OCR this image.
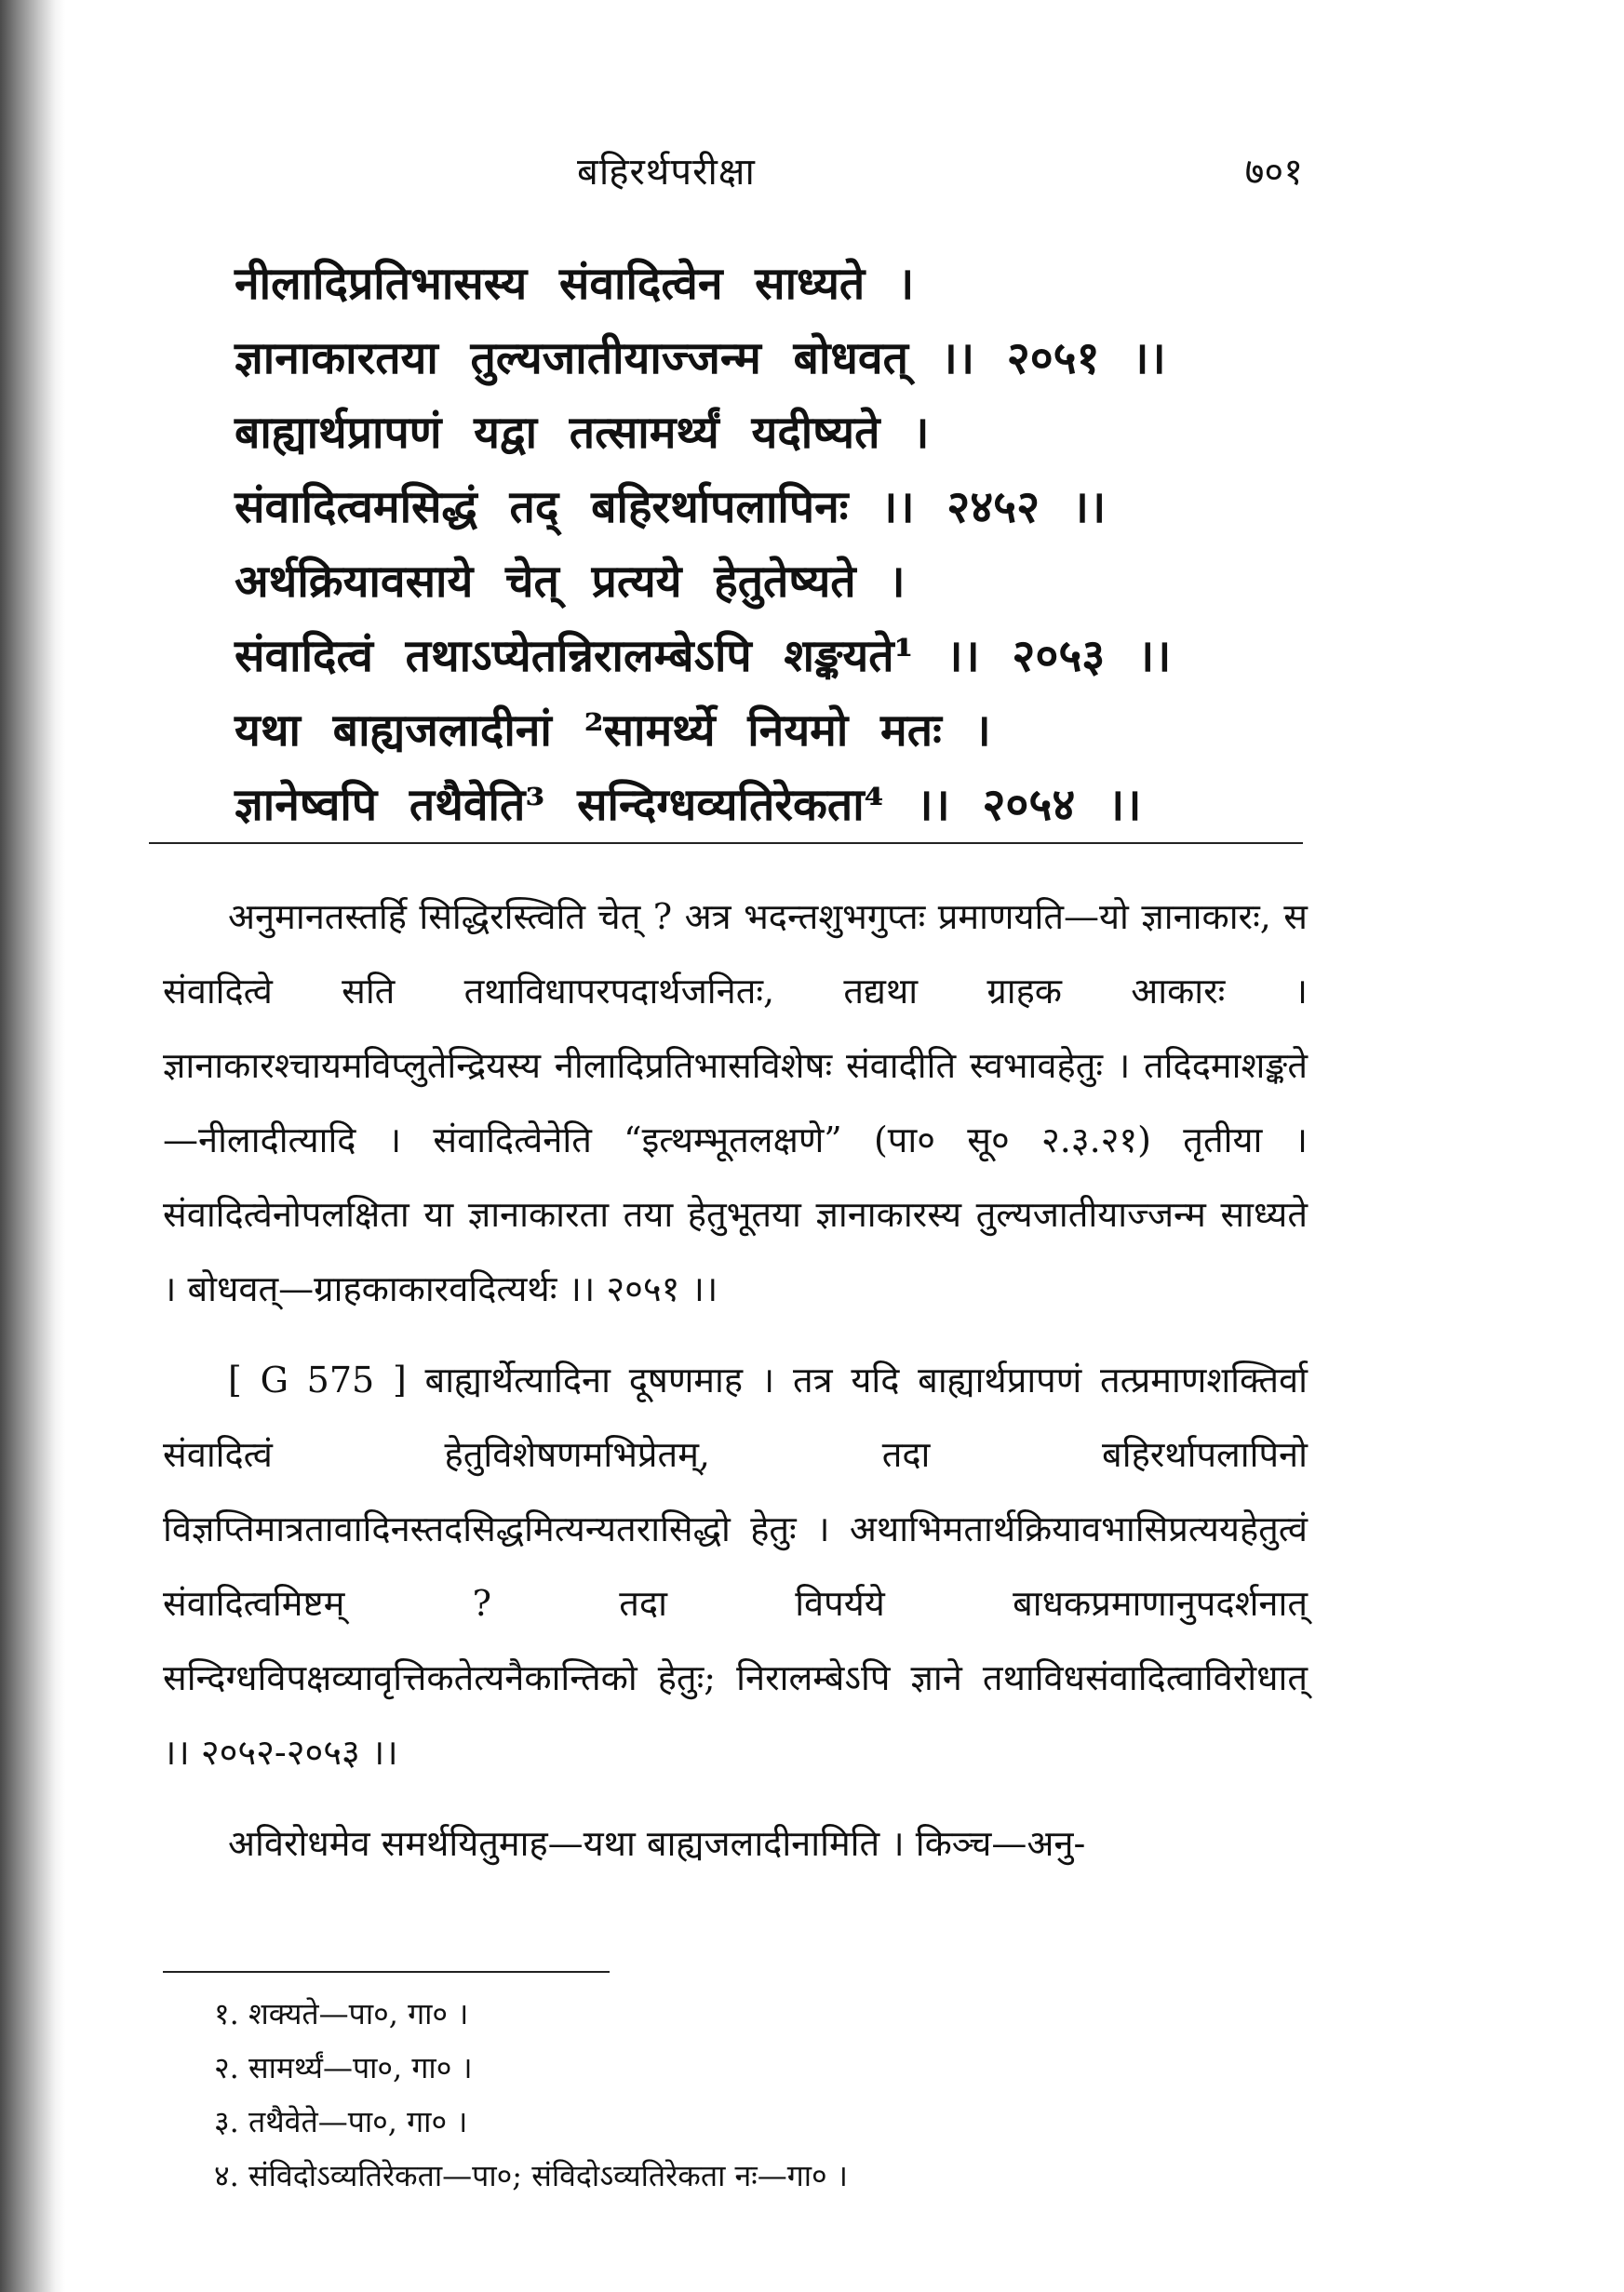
बहिरर्थपरीक्षा	७०१
नीलादिप्रतिभासस्य संवादित्वेन साध्यते ।
ज्ञानाकारतया तुल्यजातीयाज्जन्म बोधवत् ।। २०५१ ।।
बाह्यार्थप्रापणं यद्वा तत्सामर्थ्यं यदीष्यते ।
संवादित्वमसिद्धं तद् बहिरर्थापलापिनः ।। २४५२ ।।
अर्थक्रियावसाये चेत् प्रत्यये हेतुतेष्यते ।
संवादित्वं तथाऽप्येतन्निरालम्बेऽपि शङ्कयते¹ ।। २०५३ ।।
यथा बाह्यजलादीनां ²सामर्थ्ये नियमो मतः ।
ज्ञानेष्वपि तथैवेति³ सन्दिग्धव्यतिरेकता⁴ ।। २०५४ ।।

अनुमानतस्तर्हि सिद्धिरस्त्विति चेत् ? अत्र भदन्तशुभगुप्तः प्रमाणयति—यो ज्ञानाकारः, स संवादित्वे सति तथाविधापरपदार्थजनितः, तद्यथा ग्राहक आकारः । ज्ञानाकारश्चायमविप्लुतेन्द्रियस्य नीलादिप्रतिभासविशेषः संवादीति स्वभावहेतुः । तदिदमाशङ्कते—नीलादीत्यादि । संवादित्वेनेति “इत्थम्भूतलक्षणे” (पा० सू० २.३.२१) तृतीया । संवादित्वेनोपलक्षिता या ज्ञानाकारता तया हेतुभूतया ज्ञानाकारस्य तुल्यजातीयाज्जन्म साध्यते । बोधवत्—ग्राहकाकारवदित्यर्थः ।। २०५१ ।।

[ G 575 ] बाह्यार्थेत्यादिना दूषणमाह । तत्र यदि बाह्यार्थप्रापणं तत्प्रमाणशक्तिर्वा संवादित्वं हेतुविशेषणमभिप्रेतम्, तदा बहिरर्थापलापिनो विज्ञप्तिमात्रतावादिनस्तदसिद्धमित्यन्यतरासिद्धो हेतुः । अथाभिमतार्थक्रियावभासिप्रत्ययहेतुत्वं संवादित्वमिष्टम् ? तदा विपर्यये बाधकप्रमाणानुपदर्शनात् सन्दिग्धविपक्षव्यावृत्तिकतेत्यनैकान्तिको हेतुः; निरालम्बेऽपि ज्ञाने तथाविधसंवादित्वाविरोधात् ।। २०५२-२०५३ ।।

अविरोधमेव समर्थयितुमाह—यथा बाह्यजलादीनामिति । किञ्च—अनु-

१. शक्यते—पा०, गा० ।
२. सामर्थ्यं—पा०, गा० ।
३. तथैवेते—पा०, गा० ।
४. संविदोऽव्यतिरेकता—पा०; संविदोऽव्यतिरेकता नः—गा० ।
